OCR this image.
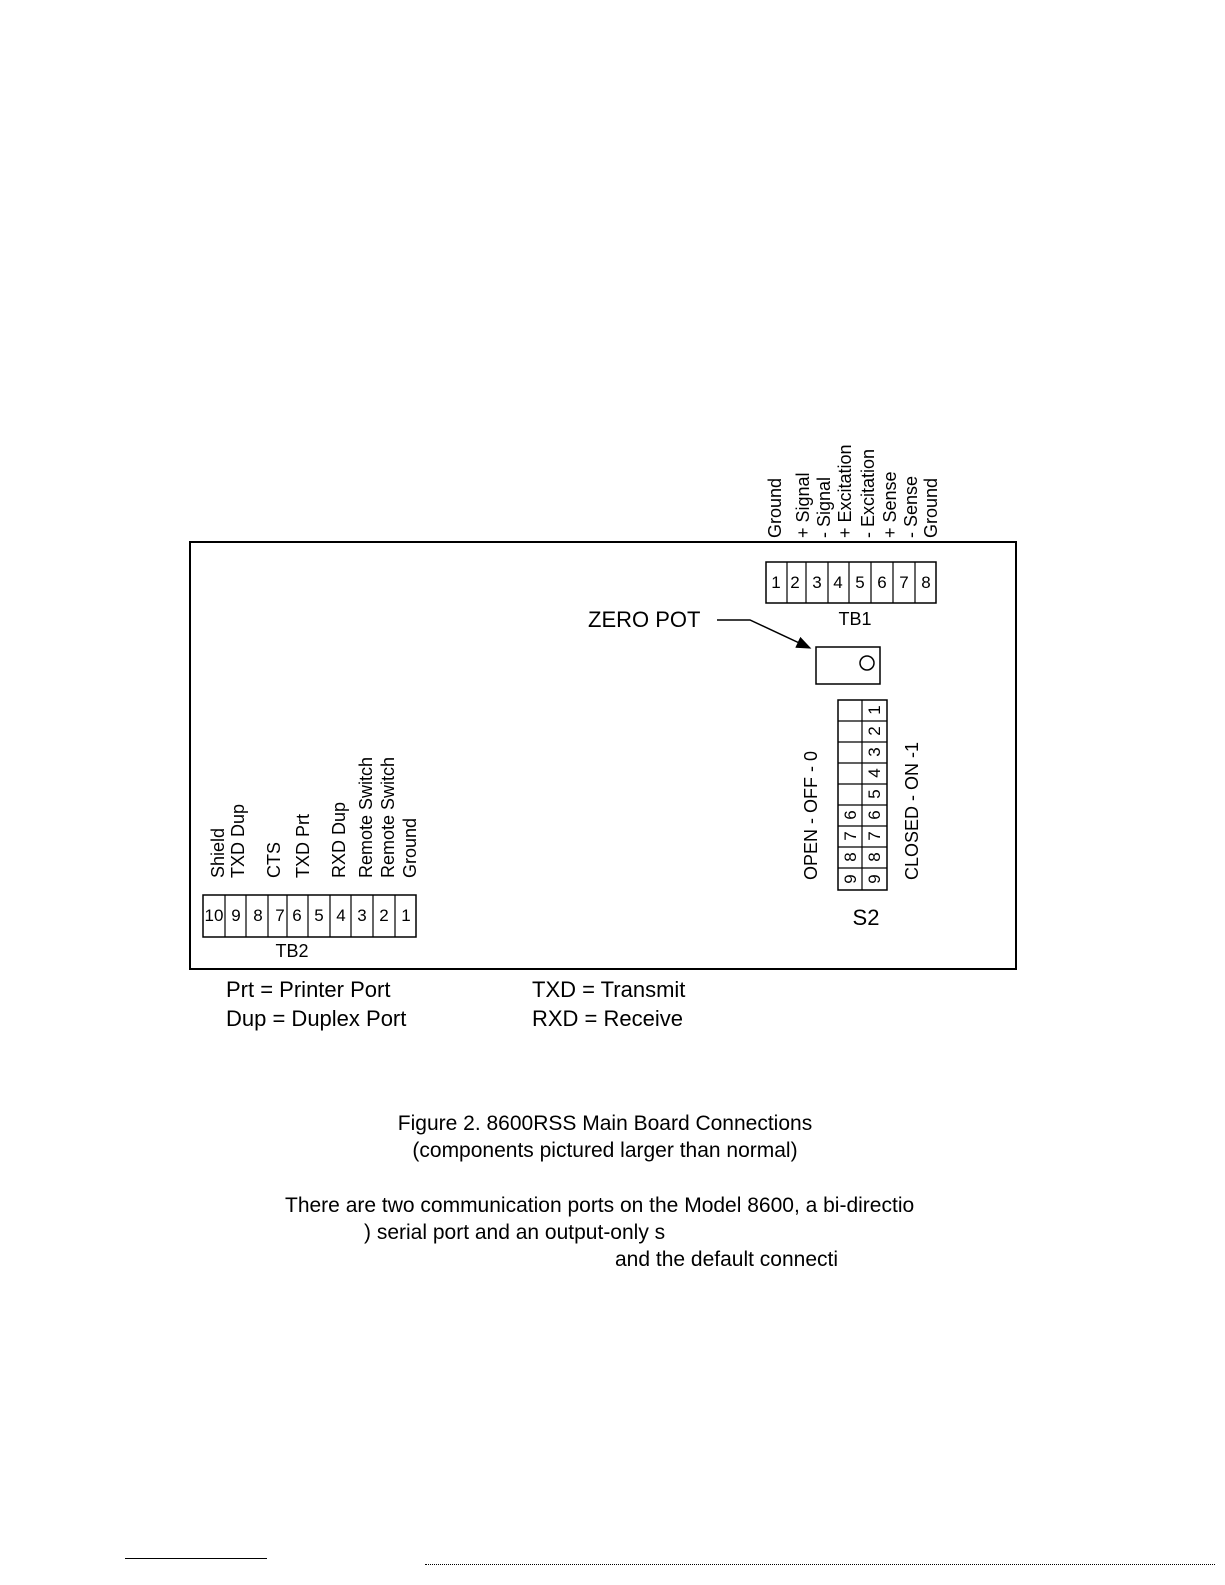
1 2 3 4 5 6 7 8
TB1
Ground + Signal - Signal + Excitation - Excitation + Sense - Sense Ground
ZERO POT
9
8
7
6
1
2
3
4
5
6
7
8
9
S2
OPEN - OFF - 0	CLOSED - ON -1
Shield TXD Dup CTS TXD Prt RXD Dup Remote Switch Remote Switch Ground
10 9 8 7 6 5 4 3 2 1
TB2
Prt = Printer Port
Dup = Duplex Port
TXD = Transmit
RXD = Receive
Figure 2. 8600RSS Main Board Connections
(components pictured larger than normal)
There are two communication ports on the Model 8600, a bi-directio
) serial port and an output-only s
and the default connecti
